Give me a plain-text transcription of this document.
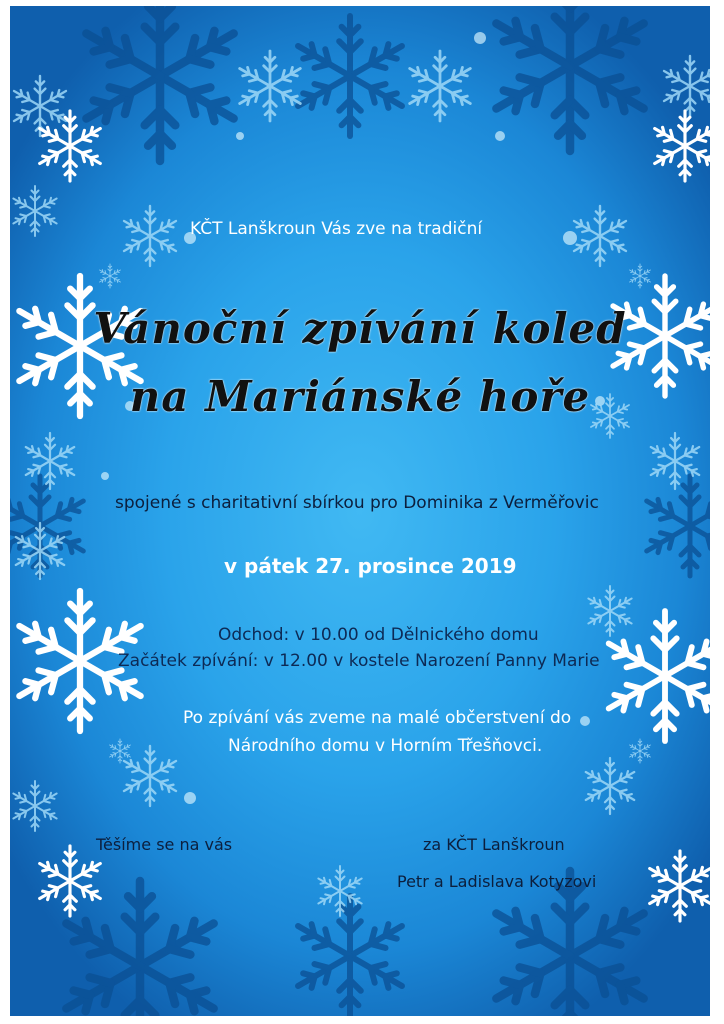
KČT Lanškroun Vás zve na tradiční

Vánoční zpívání koled
na Mariánské hoře

spojené s charitativní sbírkou pro Dominika z Verměřovic

v pátek 27. prosince 2019

Odchod: v 10.00 od Dělnického domu

Začátek zpívání: v 12.00 v kostele Narození Panny Marie

Po zpívání vás zveme na malé občerstvení do

Národního domu v Horním Třešňovci.

Těšíme se na vás	za KČT Lanškroun

Petr a Ladislava Kotyzovi
